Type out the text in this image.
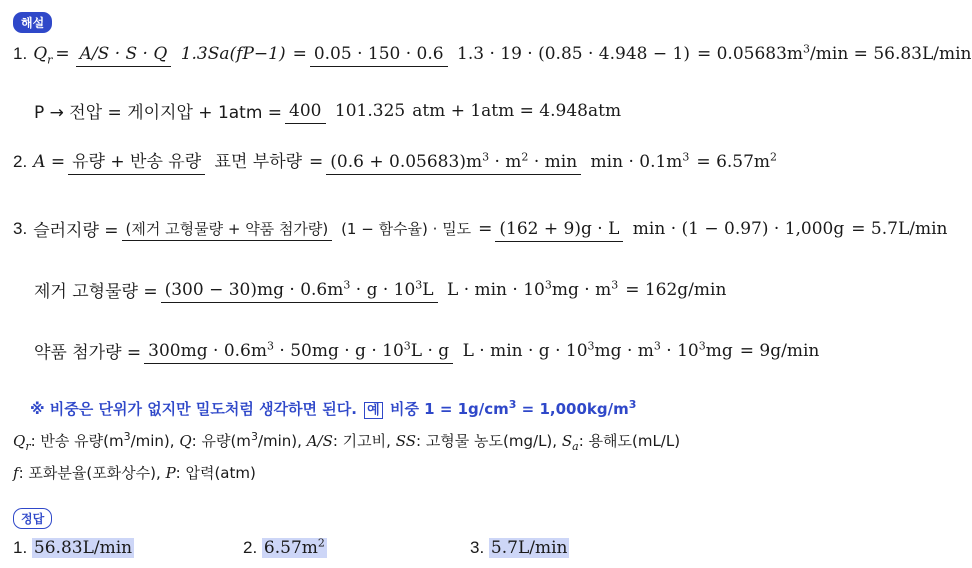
해설
1. $Q_r = A/S \cdot S \cdot Q$ 1.3Sa(fP−1) = 0.05 · 150 · 0.6 $1.3 \cdot 19 \cdot (0.85 \cdot 4.948 - 1) = 0.05683m^3/\min = 56.83L/\min$
P → 전압 = 게이지압 + 1atm = 400 101.325 atm + 1atm = 4.948atm
2. A = 유량 + 반송 유량 표면 부하량 = $(0.6 + 0.05683)m^3 \cdot m^2 \cdot \min \min \cdot 0.1m^3 = 6.57m^2$
3. 슬러지량 = (제거 고형물량 + 약품 첨가량) (1 − 함수율) · 밀도 = (162 + 9)g · L min · (1 − 0.97) · 1,000g = 5.7L/min
제거 고형물량 = $(300 - 30)mg \cdot 0.6m^3 \cdot g \cdot 10^3L$ $L \cdot \min \cdot 10^3mg \cdot m^3 = 162g/\min$
약품 첨가량 = $300mg \cdot 0.6m^3 \cdot 50mg \cdot g \cdot 10^3L \cdot g$ $L \cdot \min \cdot g \cdot 10^3mg \cdot m^3 \cdot 10^3mg = 9g/\min$
※ 비중은 단위가 없지만 밀도처럼 생각하면 된다. 예 비중 $1 = 1g/cm^3 = 1,000kg/m^3$
$Q_r$: 반송 유량$(m^3/\min)$, Q: 유량$(m^3/\min)$, A/S: 기고비, SS: 고형물 농도(mg/L), $S_a$: 용해도(mL/L)
f: 포화분율(포화상수), P: 압력(atm)
정답
1. 56.83L/min	2. $6.57m^2$	3. 5.7L/min
